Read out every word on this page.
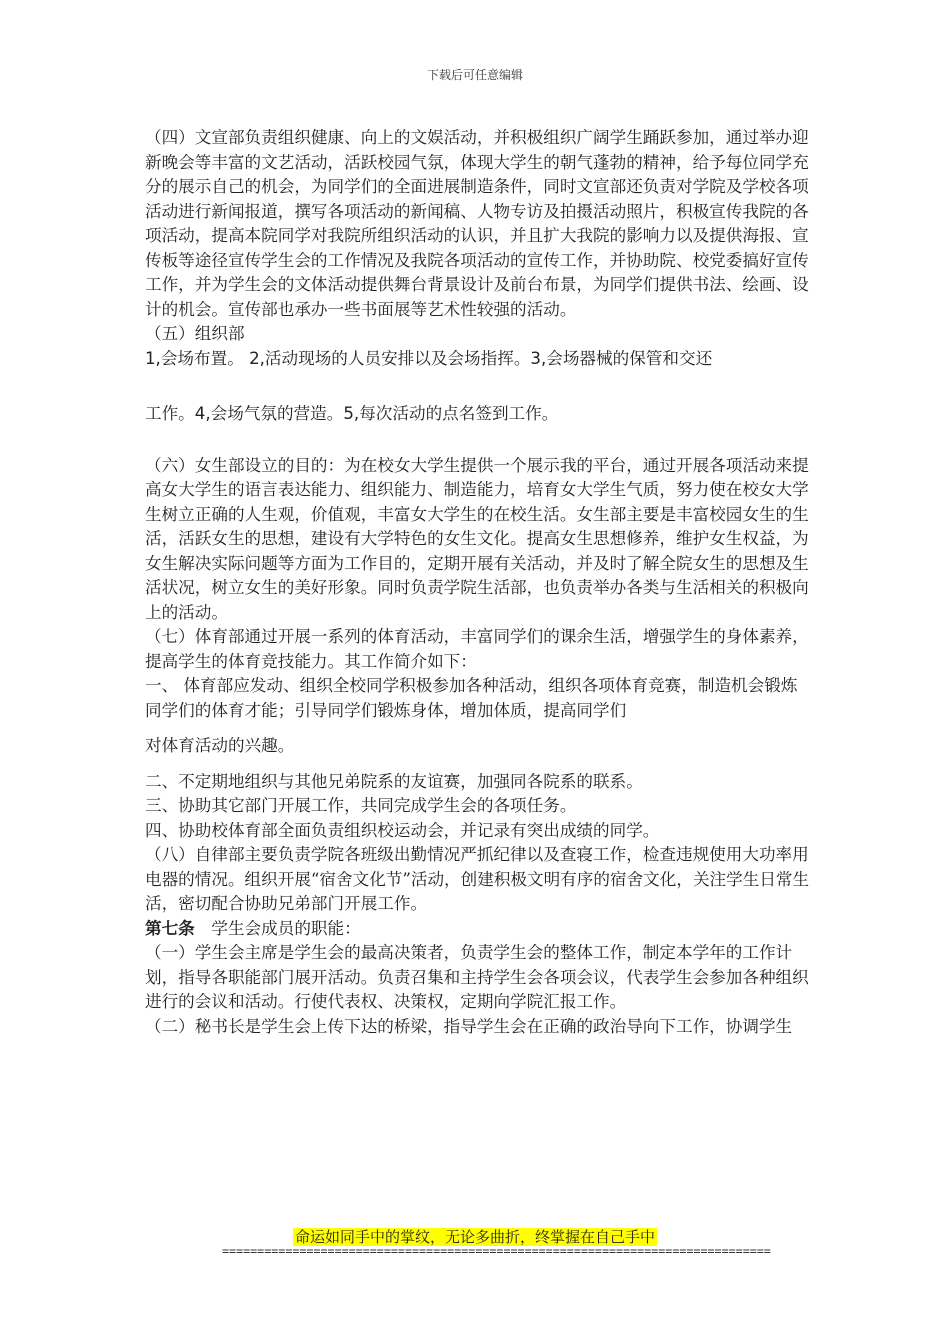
下载后可任意编辑

（四）文宣部负责组织健康、向上的文娱活动，并积极组织广阔学生踊跃参加，通过举办迎新晚会等丰富的文艺活动，活跃校园气氛，体现大学生的朝气蓬勃的精神，给予每位同学充分的展示自己的机会，为同学们的全面进展制造条件，同时文宣部还负责对学院及学校各项活动进行新闻报道，撰写各项活动的新闻稿、人物专访及拍摄活动照片，积极宣传我院的各项活动，提高本院同学对我院所组织活动的认识，并且扩大我院的影响力以及提供海报、宣传板等途径宣传学生会的工作情况及我院各项活动的宣传工作，并协助院、校党委搞好宣传工作，并为学生会的文体活动提供舞台背景设计及前台布景，为同学们提供书法、绘画、设计的机会。宣传部也承办一些书面展等艺术性较强的活动。

（五）组织部

1,会场布置。 2,活动现场的人员安排以及会场指挥。3,会场器械的保管和交还

工作。4,会场气氛的营造。5,每次活动的点名签到工作。

（六）女生部设立的目的：为在校女大学生提供一个展示我的平台，通过开展各项活动来提高女大学生的语言表达能力、组织能力、制造能力，培育女大学生气质，努力使在校女大学生树立正确的人生观，价值观，丰富女大学生的在校生活。女生部主要是丰富校园女生的生活，活跃女生的思想，建设有大学特色的女生文化。提高女生思想修养，维护女生权益，为女生解决实际问题等方面为工作目的，定期开展有关活动，并及时了解全院女生的思想及生活状况，树立女生的美好形象。同时负责学院生活部，也负责举办各类与生活相关的积极向上的活动。

（七）体育部通过开展一系列的体育活动，丰富同学们的课余生活，增强学生的身体素养，提高学生的体育竞技能力。其工作简介如下：

一、 体育部应发动、组织全校同学积极参加各种活动，组织各项体育竞赛，制造机会锻炼同学们的体育才能；引导同学们锻炼身体，增加体质，提高同学们

对体育活动的兴趣。

二、不定期地组织与其他兄弟院系的友谊赛，加强同各院系的联系。

三、协助其它部门开展工作，共同完成学生会的各项任务。

四、协助校体育部全面负责组织校运动会，并记录有突出成绩的同学。

（八）自律部主要负责学院各班级出勤情况严抓纪律以及查寝工作，检查违规使用大功率用电器的情况。组织开展“宿舍文化节”活动，创建积极文明有序的宿舍文化，关注学生日常生活，密切配合协助兄弟部门开展工作。

第七条　学生会成员的职能：

（一）学生会主席是学生会的最高决策者，负责学生会的整体工作，制定本学年的工作计划，指导各职能部门展开活动。负责召集和主持学生会各项会议，代表学生会参加各种组织进行的会议和活动。行使代表权、决策权，定期向学院汇报工作。

（二）秘书长是学生会上传下达的桥梁，指导学生会在正确的政治导向下工作，协调学生

命运如同手中的掌纹，无论多曲折，终掌握在自己手中
==============================================================================
